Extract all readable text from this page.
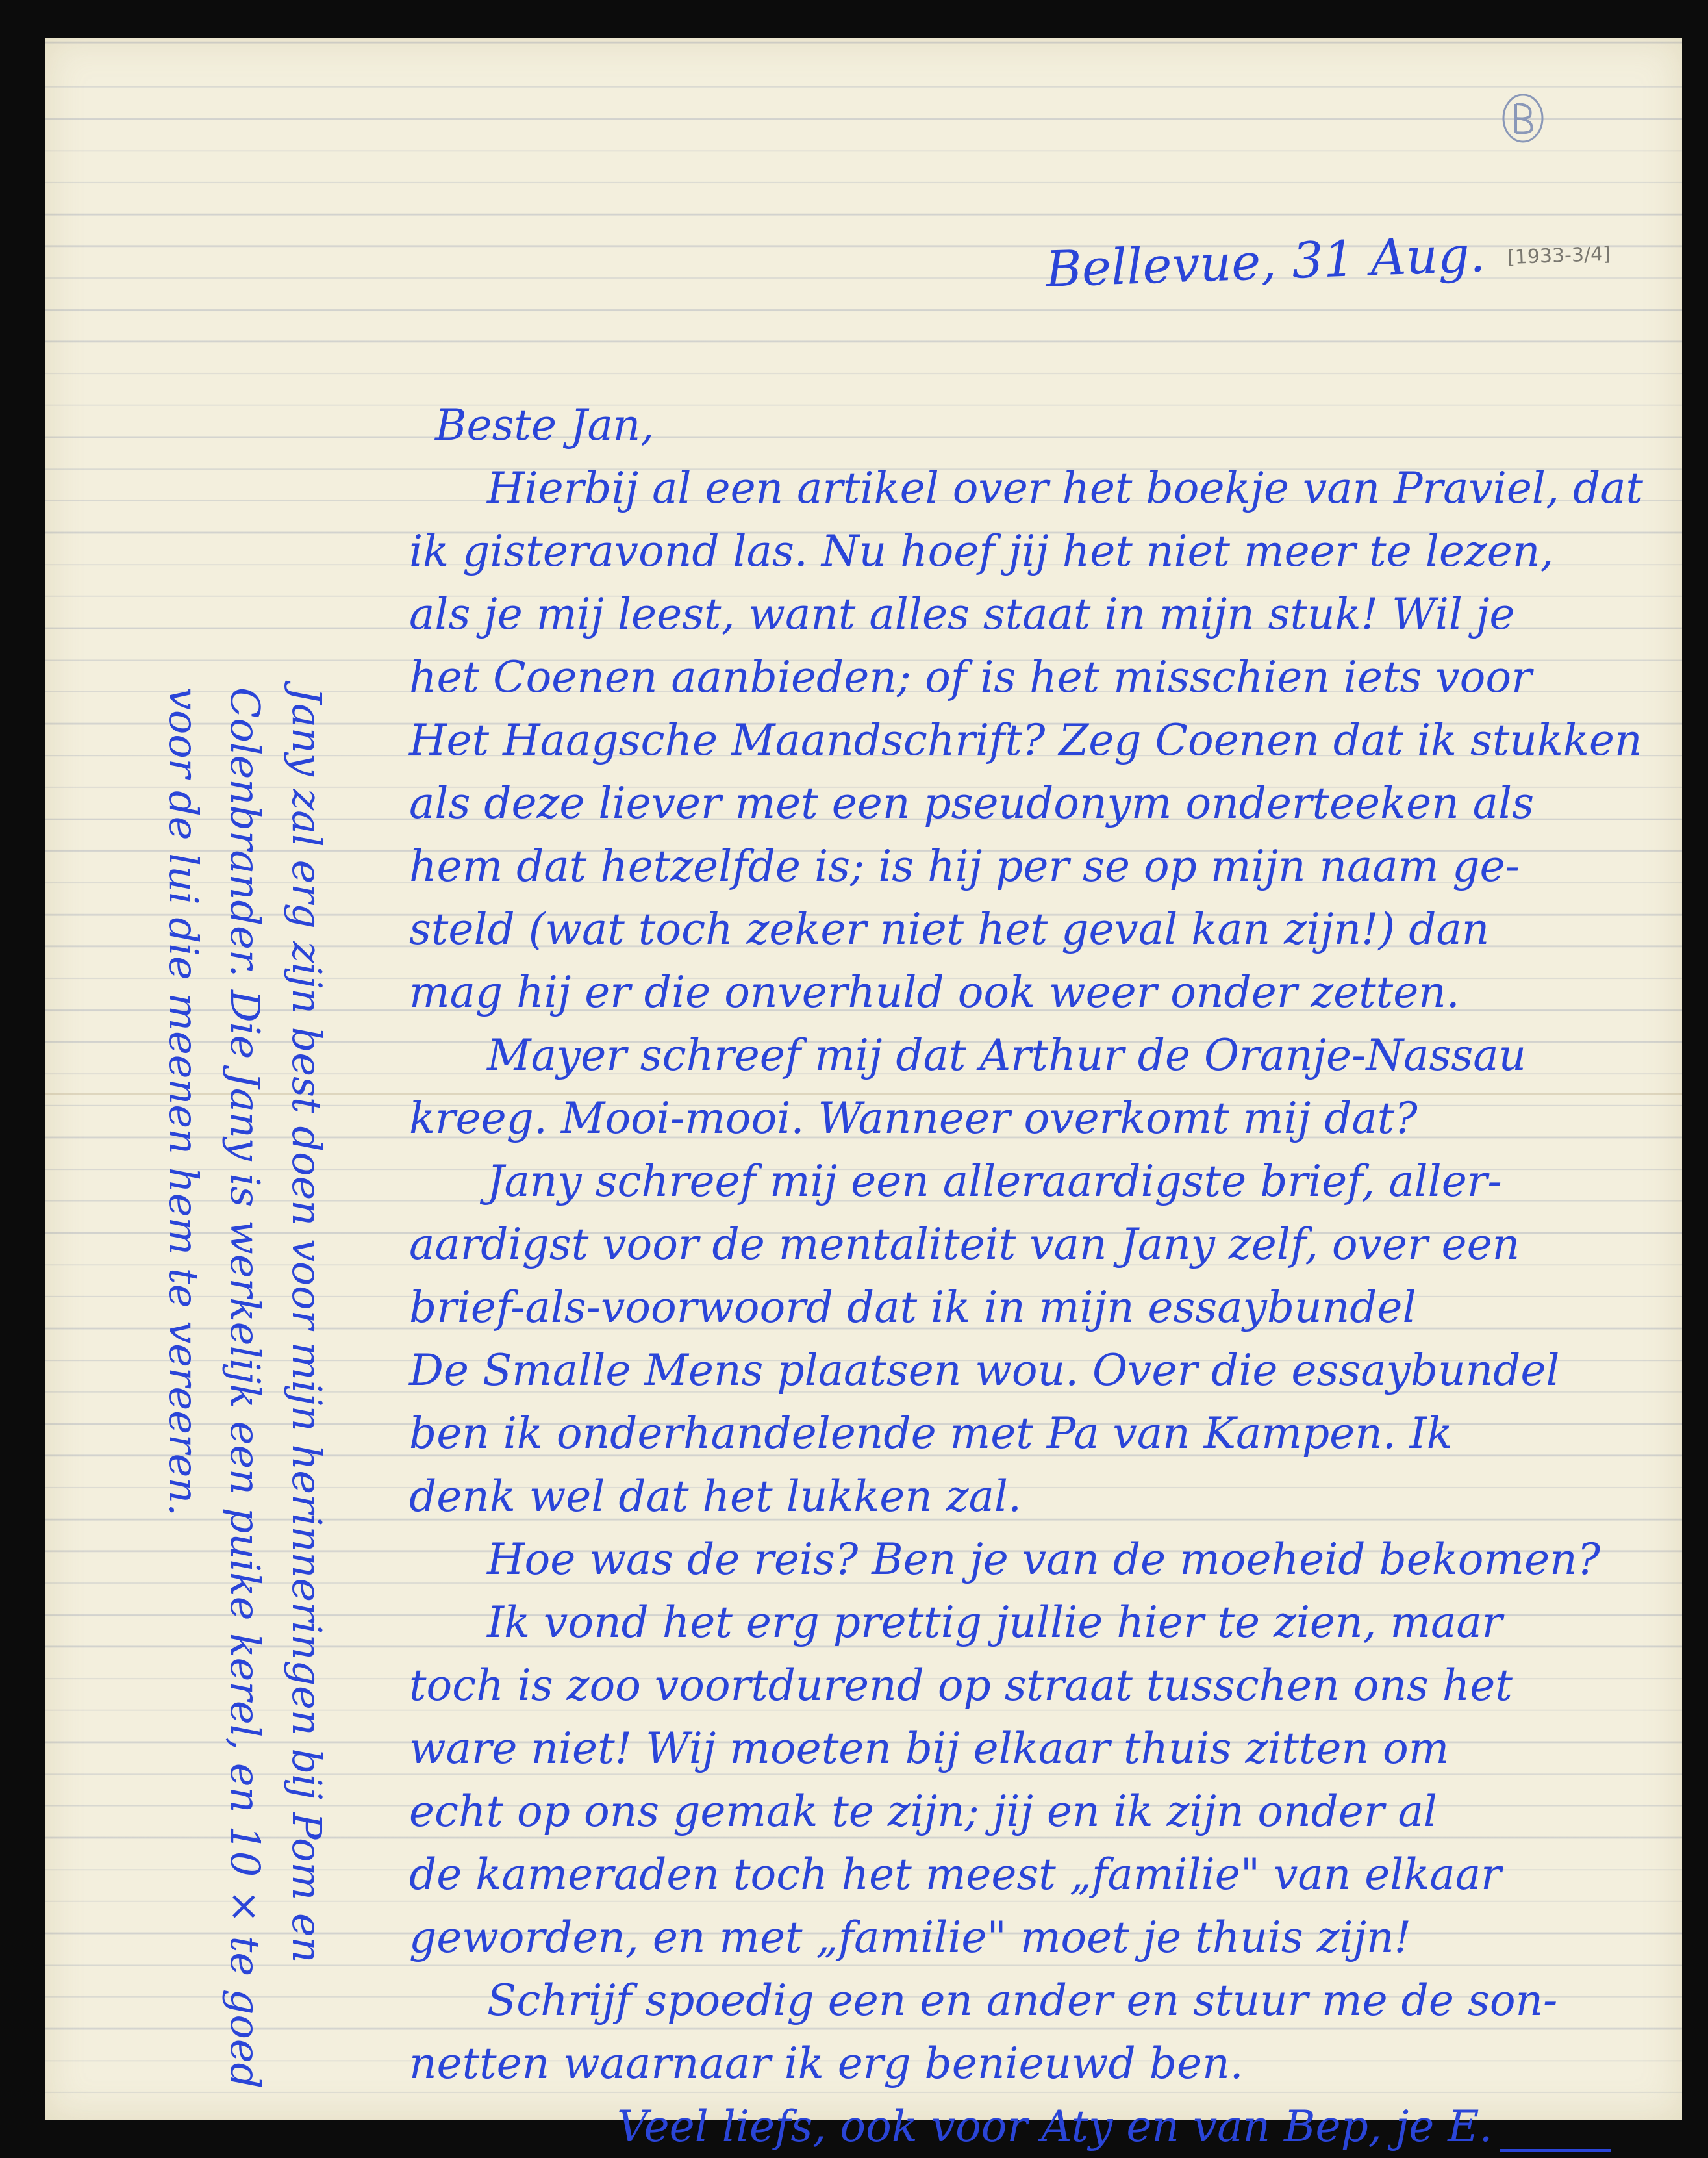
Bellevue, 31 Aug. [1933-3/4]
Beste Jan,
Hierbij al een artikel over het boekje van Praviel, dat
ik gisteravond las. Nu hoef jij het niet meer te lezen,
als je mij leest, want alles staat in mijn stuk! Wil je
het Coenen aanbieden; of is het misschien iets voor
Het Haagsche Maandschrift? Zeg Coenen dat ik stukken
als deze liever met een pseudonym onderteeken als
hem dat hetzelfde is; is hij per se op mijn naam ge-
steld (wat toch zeker niet het geval kan zijn!) dan
mag hij er die onverhuld ook weer onder zetten.
Mayer schreef mij dat Arthur de Oranje-Nassau
kreeg. Mooi-mooi. Wanneer overkomt mij dat?
Jany schreef mij een alleraardigste brief, aller-
aardigst voor de mentaliteit van Jany zelf, over een
brief-als-voorwoord dat ik in mijn essaybundel
De Smalle Mens plaatsen wou. Over die essaybundel
ben ik onderhandelende met Pa van Kampen. Ik
denk wel dat het lukken zal.
Hoe was de reis? Ben je van de moeheid bekomen?
Ik vond het erg prettig jullie hier te zien, maar
toch is zoo voortdurend op straat tusschen ons het
ware niet! Wij moeten bij elkaar thuis zitten om
echt op ons gemak te zijn; jij en ik zijn onder al
de kameraden toch het meest „familie" van elkaar
geworden, en met „familie" moet je thuis zijn!
Schrijf spoedig een en ander en stuur me de son-
netten waarnaar ik erg benieuwd ben.
Veel liefs, ook voor Aty en van Bep, je E.
Jany zal erg zijn best doen voor mijn herinneringen bij Pom en
Colenbrander. Die Jany is werkelijk een puike kerel, en 10 × te goed
voor de lui die meenen hem te vereeren.
